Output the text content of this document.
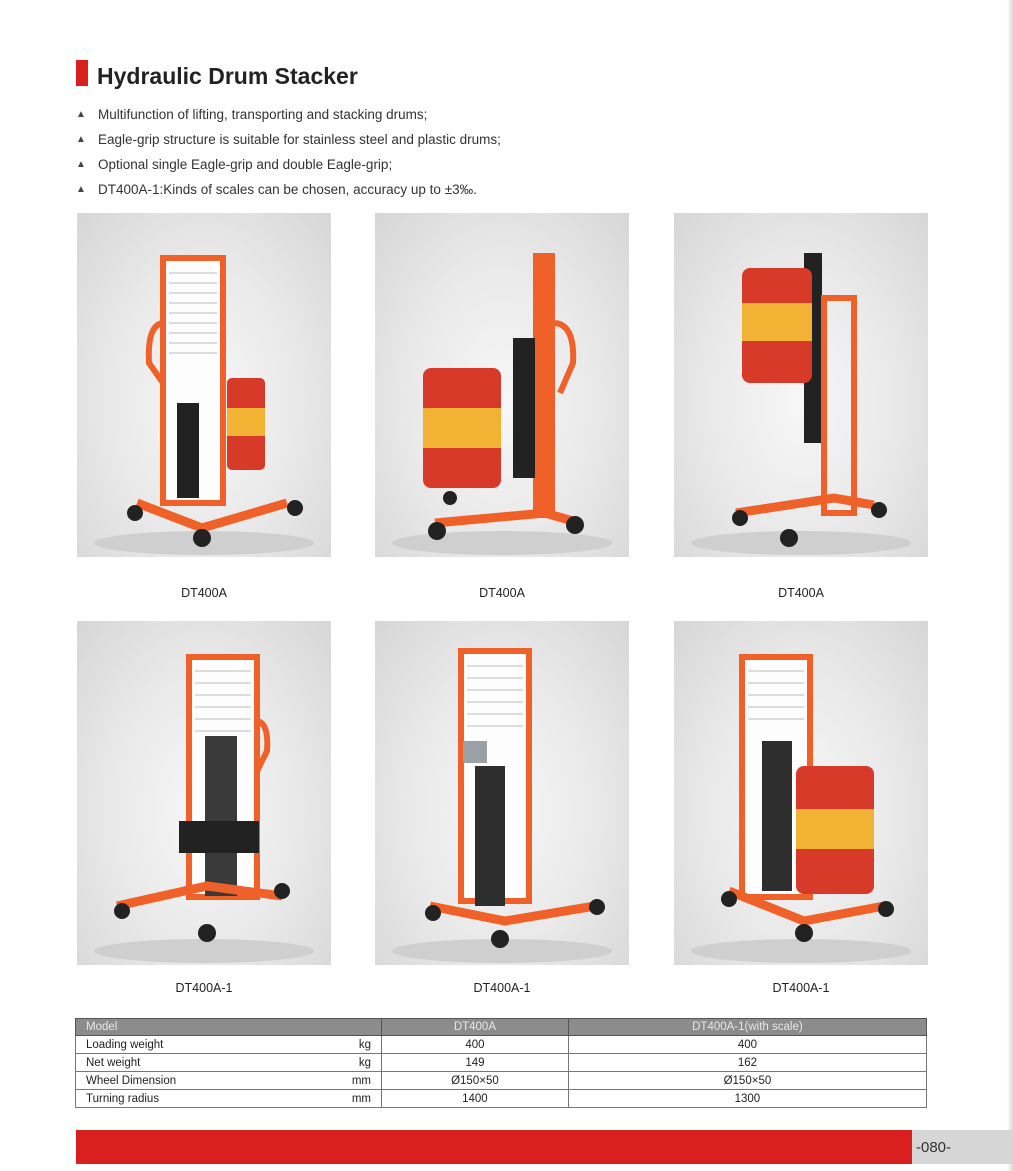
Hydraulic Drum Stacker
▲ Multifunction of lifting, transporting and stacking drums;
▲ Eagle-grip structure is suitable for stainless steel and plastic drums;
▲ Optional single Eagle-grip and double Eagle-grip;
▲ DT400A-1:Kinds of scales can be chosen, accuracy up to ±3‰.
DT400A	DT400A	DT400A
DT400A-1	DT400A-1	DT400A-1
Model	DT400A	DT400A-1(with scale)

Loading weight kg	400	400

Net weight kg	149	162

Wheel Dimension mm	Ø150×50	Ø150×50

Turning radius mm	1400	1300
-080-
